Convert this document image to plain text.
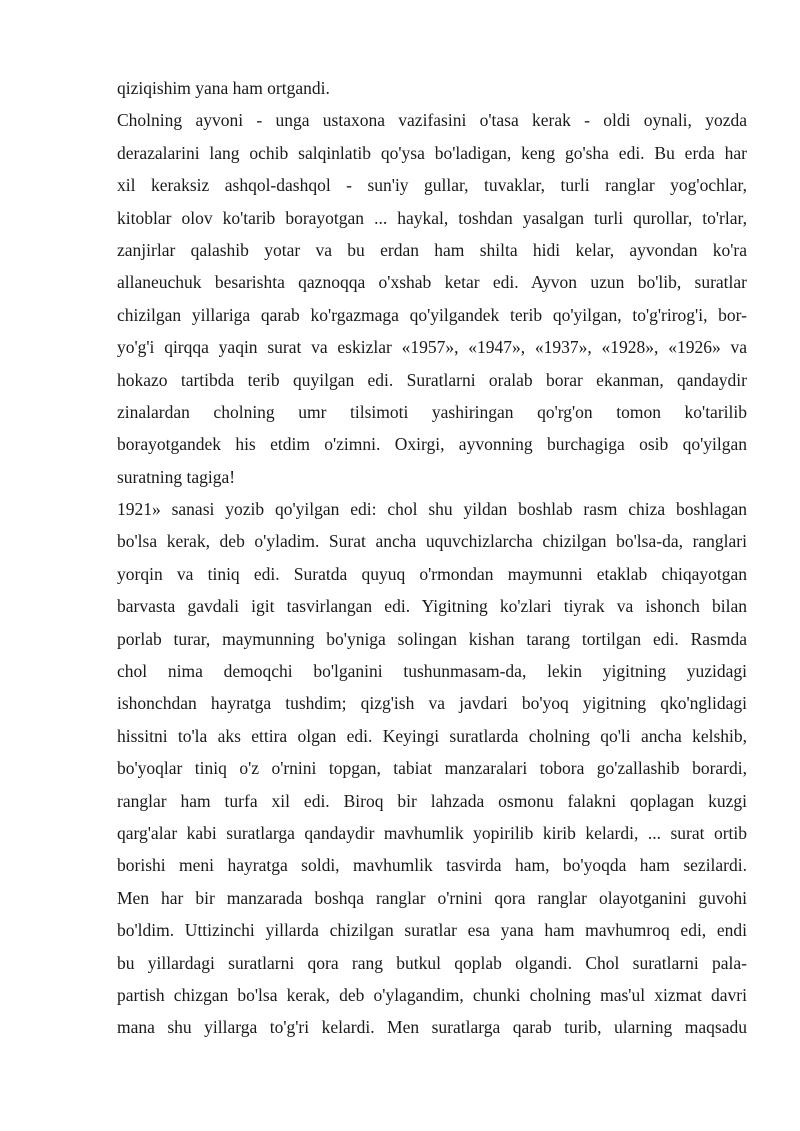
qiziqishim yana ham ortgandi.
Cholning ayvoni - unga ustaxona vazifasini o'tasa kerak - oldi oynali, yozda
derazalarini lang ochib salqinlatib qo'ysa bo'ladigan, keng go'sha edi. Bu erda har
xil keraksiz ashqol-dashqol - sun'iy gullar, tuvaklar, turli ranglar yog'ochlar,
kitoblar olov ko'tarib borayotgan ... haykal, toshdan yasalgan turli qurollar, to'rlar,
zanjirlar qalashib yotar va bu erdan ham shilta hidi kelar, ayvondan ko'ra
allaneuchuk besarishta qaznoqqa o'xshab ketar edi. Ayvon uzun bo'lib, suratlar
chizilgan yillariga qarab ko'rgazmaga qo'yilgandek terib qo'yilgan, to'g'rirog'i, bor-
yo'g'i qirqqa yaqin surat va eskizlar «1957», «1947», «1937», «1928», «1926» va
hokazo tartibda terib quyilgan edi. Suratlarni oralab borar ekanman, qandaydir
zinalardan cholning umr tilsimoti yashiringan qo'rg'on tomon ko'tarilib
borayotgandek his etdim o'zimni. Oxirgi, ayvonning burchagiga osib qo'yilgan
suratning tagiga!
1921» sanasi yozib qo'yilgan edi: chol shu yildan boshlab rasm chiza boshlagan
bo'lsa kerak, deb o'yladim. Surat ancha uquvchizlarcha chizilgan bo'lsa-da, ranglari
yorqin va tiniq edi. Suratda quyuq o'rmondan maymunni etaklab chiqayotgan
barvasta gavdali igit tasvirlangan edi. Yigitning ko'zlari tiyrak va ishonch bilan
porlab turar, maymunning bo'yniga solingan kishan tarang tortilgan edi. Rasmda
chol nima demoqchi bo'lganini tushunmasam-da, lekin yigitning yuzidagi
ishonchdan hayratga tushdim; qizg'ish va javdari bo'yoq yigitning qko'nglidagi
hissitni to'la aks ettira olgan edi. Keyingi suratlarda cholning qo'li ancha kelshib,
bo'yoqlar tiniq o'z o'rnini topgan, tabiat manzaralari tobora go'zallashib borardi,
ranglar ham turfa xil edi. Biroq bir lahzada osmonu falakni qoplagan kuzgi
qarg'alar kabi suratlarga qandaydir mavhumlik yopirilib kirib kelardi, ... surat ortib
borishi meni hayratga soldi, mavhumlik tasvirda ham, bo'yoqda ham sezilardi.
Men har bir manzarada boshqa ranglar o'rnini qora ranglar olayotganini guvohi
bo'ldim. Uttizinchi yillarda chizilgan suratlar esa yana ham mavhumroq edi, endi
bu yillardagi suratlarni qora rang butkul qoplab olgandi. Chol suratlarni pala-
partish chizgan bo'lsa kerak, deb o'ylagandim, chunki cholning mas'ul xizmat davri
mana shu yillarga to'g'ri kelardi. Men suratlarga qarab turib, ularning maqsadu
